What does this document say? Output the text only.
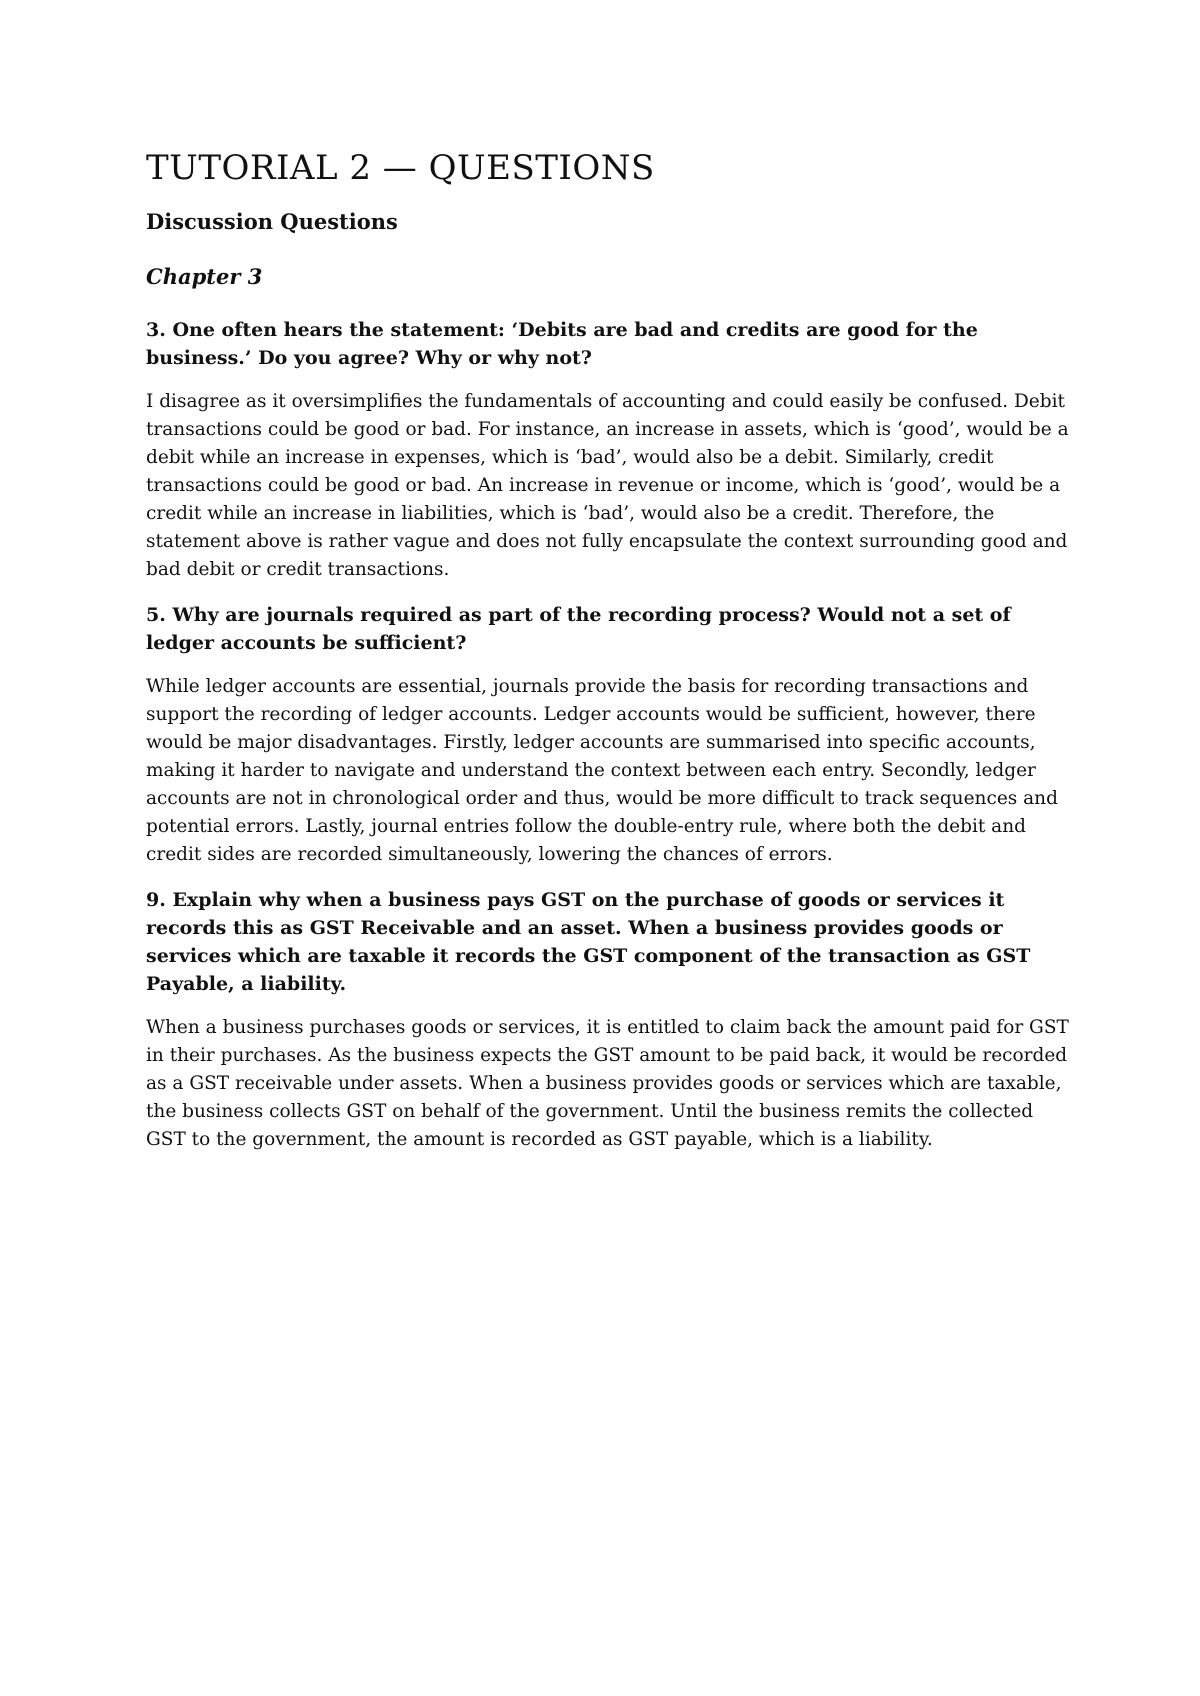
TUTORIAL 2 — QUESTIONS
Discussion Questions
Chapter 3

3. One often hears the statement: ‘Debits are bad and credits are good for the business.’ Do you agree? Why or why not?

I disagree as it oversimplifies the fundamentals of accounting and could easily be confused. Debit transactions could be good or bad. For instance, an increase in assets, which is ‘good’, would be a debit while an increase in expenses, which is ‘bad’, would also be a debit. Similarly, credit transactions could be good or bad. An increase in revenue or income, which is ‘good’, would be a credit while an increase in liabilities, which is ‘bad’, would also be a credit. Therefore, the statement above is rather vague and does not fully encapsulate the context surrounding good and bad debit or credit transactions.

5. Why are journals required as part of the recording process? Would not a set of ledger accounts be sufficient?

While ledger accounts are essential, journals provide the basis for recording transactions and support the recording of ledger accounts. Ledger accounts would be sufficient, however, there would be major disadvantages. Firstly, ledger accounts are summarised into specific accounts, making it harder to navigate and understand the context between each entry. Secondly, ledger accounts are not in chronological order and thus, would be more difficult to track sequences and potential errors. Lastly, journal entries follow the double-entry rule, where both the debit and credit sides are recorded simultaneously, lowering the chances of errors.

9. Explain why when a business pays GST on the purchase of goods or services it records this as GST Receivable and an asset. When a business provides goods or services which are taxable it records the GST component of the transaction as GST Payable, a liability.

When a business purchases goods or services, it is entitled to claim back the amount paid for GST in their purchases. As the business expects the GST amount to be paid back, it would be recorded as a GST receivable under assets. When a business provides goods or services which are taxable, the business collects GST on behalf of the government. Until the business remits the collected GST to the government, the amount is recorded as GST payable, which is a liability.
